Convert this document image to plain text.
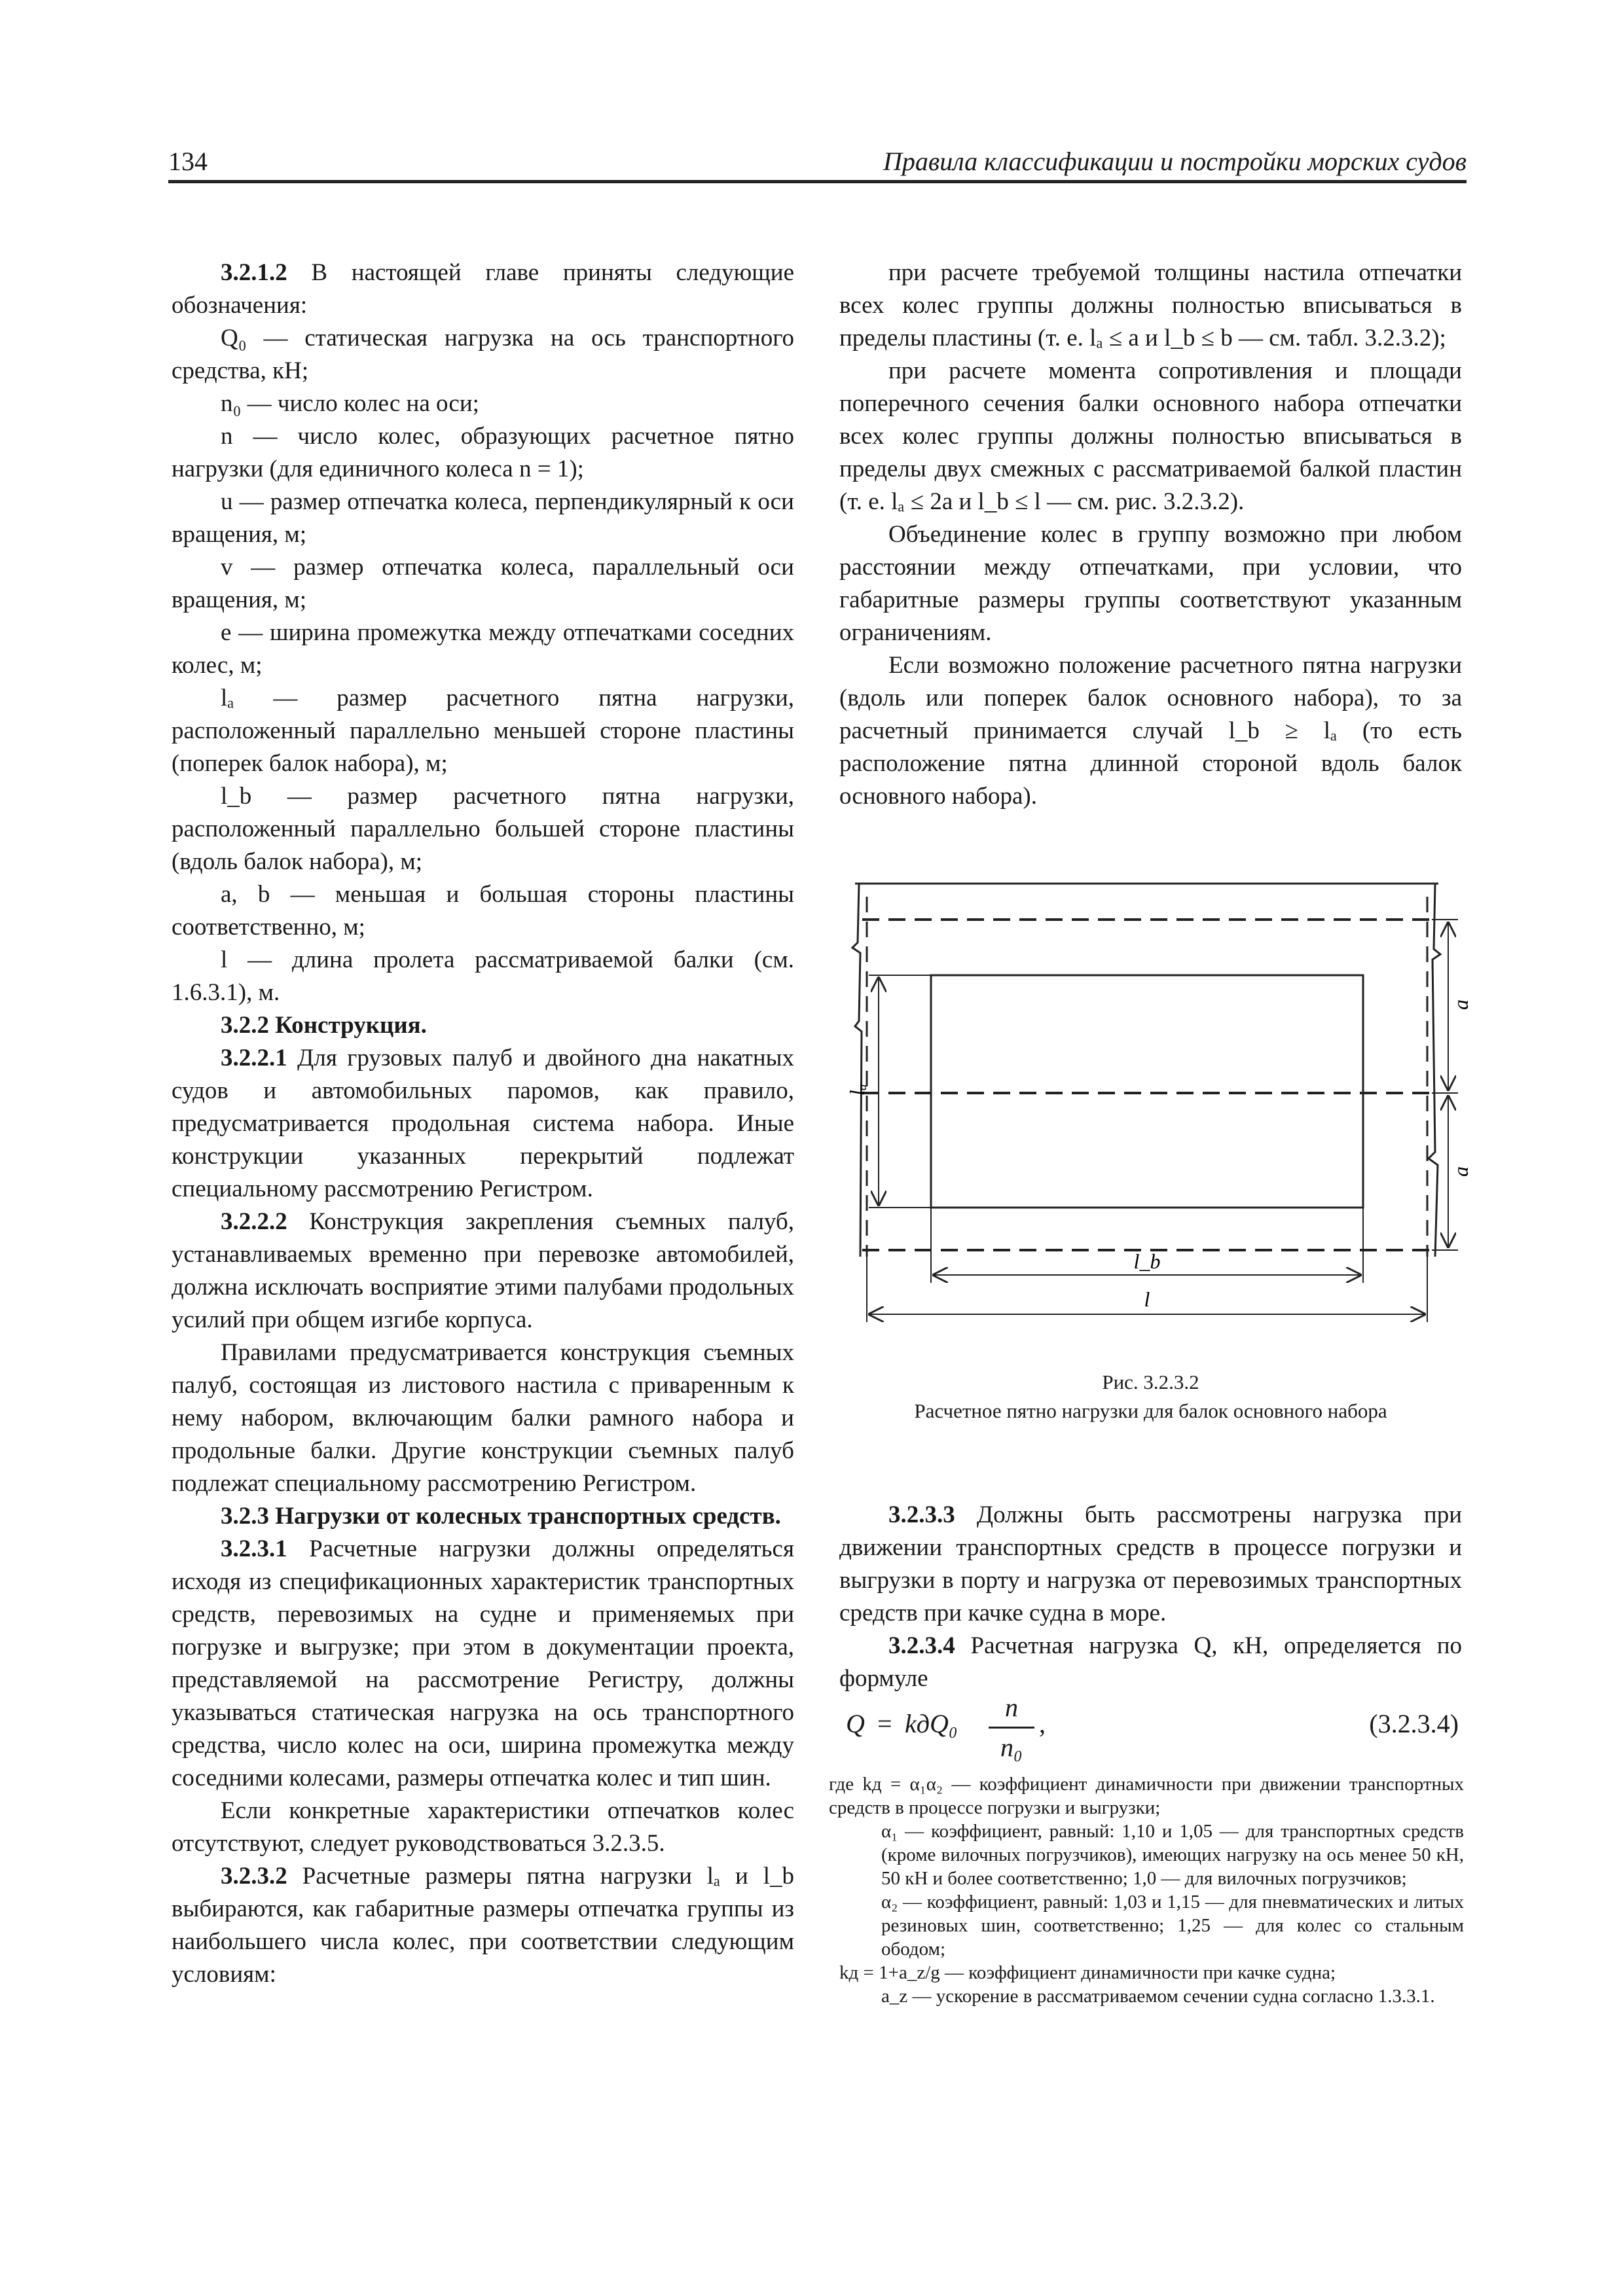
134	Правила классификации и постройки морских судов

3.2.1.2 В настоящей главе приняты следующие обозначения:

Q₀ — статическая нагрузка на ось транспортного средства, кН;

n₀ — число колес на оси;

n — число колес, образующих расчетное пятно нагрузки (для единичного колеса n = 1);

u — размер отпечатка колеса, перпендикулярный к оси вращения, м;

v — размер отпечатка колеса, параллельный оси вращения, м;

e — ширина промежутка между отпечатками соседних колес, м;

lₐ — размер расчетного пятна нагрузки, расположенный параллельно меньшей стороне пластины (поперек балок набора), м;

l_b — размер расчетного пятна нагрузки, расположенный параллельно большей стороне пластины (вдоль балок набора), м;

a, b — меньшая и большая стороны пластины соответственно, м;

l — длина пролета рассматриваемой балки (см. 1.6.3.1), м.

3.2.2 Конструкция.

3.2.2.1 Для грузовых палуб и двойного дна накатных судов и автомобильных паромов, как правило, предусматривается продольная система набора. Иные конструкции указанных перекрытий подлежат специальному рассмотрению Регистром.

3.2.2.2 Конструкция закрепления съемных палуб, устанавливаемых временно при перевозке автомобилей, должна исключать восприятие этими палубами продольных усилий при общем изгибе корпуса.

Правилами предусматривается конструкция съемных палуб, состоящая из листового настила с приваренным к нему набором, включающим балки рамного набора и продольные балки. Другие конструкции съемных палуб подлежат специальному рассмотрению Регистром.

3.2.3 Нагрузки от колесных транспортных средств.

3.2.3.1 Расчетные нагрузки должны определяться исходя из спецификационных характеристик транспортных средств, перевозимых на судне и применяемых при погрузке и выгрузке; при этом в документации проекта, представляемой на рассмотрение Регистру, должны указываться статическая нагрузка на ось транспортного средства, число колес на оси, ширина промежутка между соседними колесами, размеры отпечатка колес и тип шин.

Если конкретные характеристики отпечатков колес отсутствуют, следует руководствоваться 3.2.3.5.

3.2.3.2 Расчетные размеры пятна нагрузки lₐ и l_b выбираются, как габаритные размеры отпечатка группы из наибольшего числа колес, при соответствии следующим условиям:

при расчете требуемой толщины настила отпечатки всех колес группы должны полностью вписываться в пределы пластины (т. е. lₐ ≤ a и l_b ≤ b — см. табл. 3.2.3.2);

при расчете момента сопротивления и площади поперечного сечения балки основного набора отпечатки всех колес группы должны полностью вписываться в пределы двух смежных с рассматриваемой балкой пластин (т. е. lₐ ≤ 2a и l_b ≤ l — см. рис. 3.2.3.2).

Объединение колес в группу возможно при любом расстоянии между отпечатками, при условии, что габаритные размеры группы соответствуют указанным ограничениям.

Если возможно положение расчетного пятна нагрузки (вдоль или поперек балок основного набора), то за расчетный принимается случай l_b ≥ lₐ (то есть расположение пятна длинной стороной вдоль балок основного набора).

lₐ
a
a
l_b
l
Рис. 3.2.3.2
Расчетное пятно нагрузки для балок основного набора

3.2.3.3 Должны быть рассмотрены нагрузка при движении транспортных средств в процессе погрузки и выгрузки в порту и нагрузка от перевозимых транспортных средств при качке судна в море.

3.2.3.4 Расчетная нагрузка Q, кН, определяется по формуле

$Q = kдQ_0 \frac{n}{\text{n₀}}$ ,	(3.2.3.4)

где kд = α₁α₂ — коэффициент динамичности при движении транспортных средств в процессе погрузки и выгрузки;

α₁ — коэффициент, равный: 1,10 и 1,05 — для транспортных средств (кроме вилочных погрузчиков), имеющих нагрузку на ось менее 50 кН, 50 кН и более соответственно; 1,0 — для вилочных погрузчиков;

α₂ — коэффициент, равный: 1,03 и 1,15 — для пневматических и литых резиновых шин, соответственно; 1,25 — для колес со стальным ободом;

kд = 1+a_z/g — коэффициент динамичности при качке судна;

a_z — ускорение в рассматриваемом сечении судна согласно 1.3.3.1.
